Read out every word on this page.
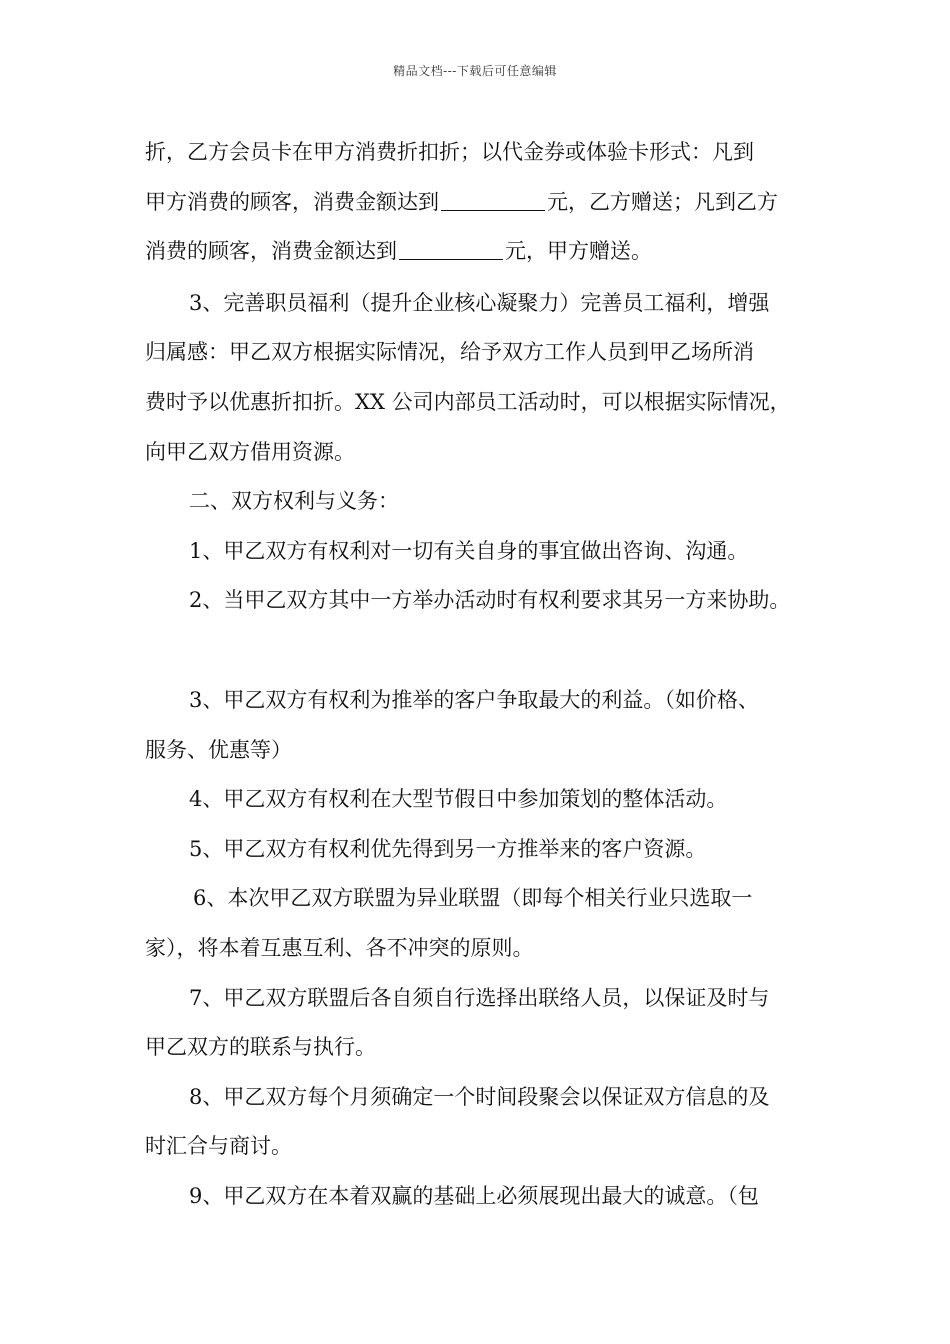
精品文档---下载后可任意编辑

折，乙方会员卡在甲方消费折扣折；以代金券或体验卡形式：凡到

甲方消费的顾客，消费金额达到	元，乙方赠送；凡到乙方

消费的顾客，消费金额达到	元，甲方赠送。

3、完善职员福利（提升企业核心凝聚力）完善员工福利，增强

归属感：甲乙双方根据实际情况，给予双方工作人员到甲乙场所消

费时予以优惠折扣折。XX 公司内部员工活动时，可以根据实际情况，

向甲乙双方借用资源。

二、双方权利与义务：

1、甲乙双方有权利对一切有关自身的事宜做出咨询、沟通。

2、当甲乙双方其中一方举办活动时有权利要求其另一方来协助。

3、甲乙双方有权利为推举的客户争取最大的利益。（如价格、

服务、优惠等）

4、甲乙双方有权利在大型节假日中参加策划的整体活动。

5、甲乙双方有权利优先得到另一方推举来的客户资源。

6、本次甲乙双方联盟为异业联盟（即每个相关行业只选取一

家），将本着互惠互利、各不冲突的原则。

7、甲乙双方联盟后各自须自行选择出联络人员，以保证及时与

甲乙双方的联系与执行。

8、甲乙双方每个月须确定一个时间段聚会以保证双方信息的及

时汇合与商讨。

9、甲乙双方在本着双赢的基础上必须展现出最大的诚意。（包
